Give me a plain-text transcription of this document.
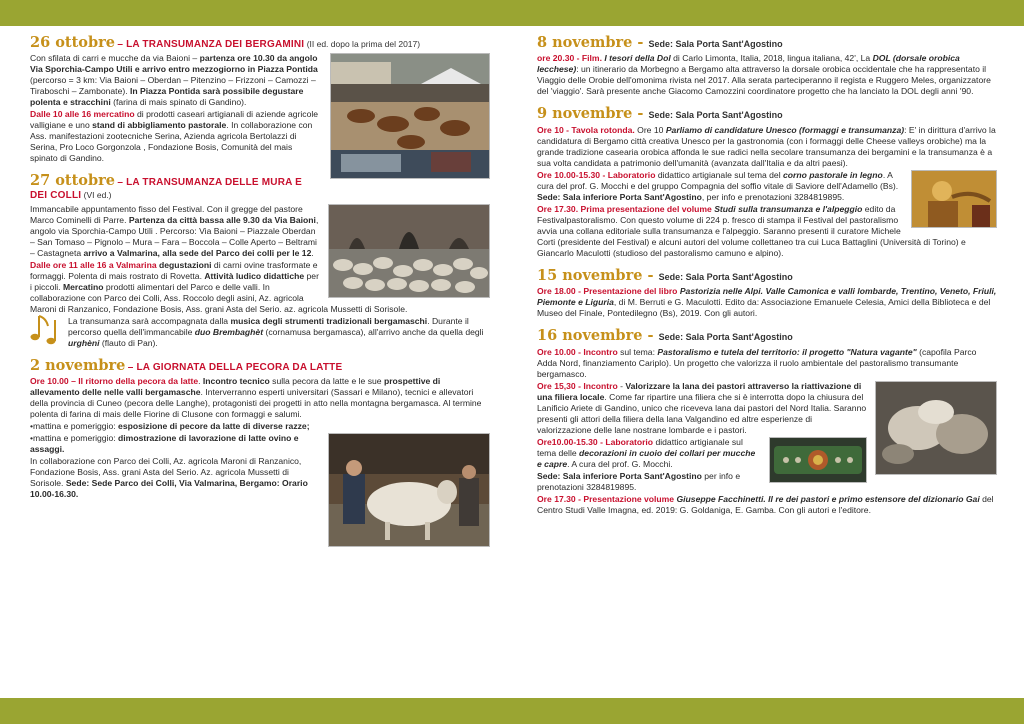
26 ottobre – LA TRANSUMANZA DEI BERGAMINI (II ed. dopo la prima del 2017)

Con sfilata di carri e mucche da via Baioni – partenza ore 10.30 da angolo Via Sporchia-Campo Utili e arrivo entro mezzogiorno in Piazza Pontida (percorso = 3 km: Via Baioni – Oberdan – Pitenzino – Frizzoni – Camozzi – Tiraboschi – Zambonate). In Piazza Pontida sarà possibile degustare polenta e stracchini (farina di mais spinato di Gandino).

Dalle 10 alle 16 mercatino di prodotti caseari artigianali di aziende agricole valligiane e uno stand di abbigliamento pastorale. In collaborazione con Ass. manifestazioni zootecniche Serina, Azienda agricola Bertolazzi di Serina, Pro Loco Gorgonzola , Fondazione Bosis, Comunità del mais spinato di Gandino.

27 ottobre – LA TRANSUMANZA DELLE MURA E DEI COLLI (VI ed.)

Immancabile appuntamento fisso del Festival. Con il gregge del pastore Marco Cominelli di Parre. Partenza da città bassa alle 9.30 da Via Baioni, angolo via Sporchia-Campo Utili . Percorso: Via Baioni – Piazzale Oberdan – San Tomaso – Pignolo – Mura – Fara – Boccola – Colle Aperto – Beltrami – Castagneta arrivo a Valmarina, alla sede del Parco dei colli per le 12.

Dalle ore 11 alle 16 a Valmarina degustazioni di carni ovine trasformate e formaggi. Polenta di mais rostrato di Rovetta. Attività ludico didattiche per i piccoli. Mercatino prodotti alimentari del Parco e delle valli. In collaborazione con Parco dei Colli, Ass. Roccolo degli asini, Az. agricola Maroni di Ranzanico, Fondazione Bosis, Ass. grani Asta del Serio. az. agricola Mussetti di Sorisole.

La transumanza sarà accompagnata dalla musica degli strumenti tradizionali bergamaschi. Durante il percorso quella dell'immancabile duo Brembaghèt (cornamusa bergamasca), all'arrivo anche da quella degli urghèni (flauto di Pan).

2 novembre – LA GIORNATA DELLA PECORA DA LATTE

Ore 10.00 – Il ritorno della pecora da latte. Incontro tecnico sulla pecora da latte e le sue prospettive di allevamento delle nelle valli bergamasche. Interverranno esperti universitari (Sassari e Milano), tecnici e allevatori della provincia di Cuneo (pecora delle Langhe), protagonisti dei progetti in atto nella montagna bergamasca. Al termine polenta di farina di mais delle Fiorine di Clusone con formaggi e salumi.

•mattina e pomeriggio: esposizione di pecore da latte di diverse razze;

•mattina e pomeriggio: dimostrazione di lavorazione di latte ovino e assaggi.

In collaborazione con Parco dei Colli, Az. agricola Maroni di Ranzanico, Fondazione Bosis, Ass. grani Asta del Serio. Az. agricola Mussetti di Sorisole. Sede: Sede Parco dei Colli, Via Valmarina, Bergamo: Orario 10.00-16.30.

8 novembre - Sede: Sala Porta Sant'Agostino

ore 20.30 - Film. I tesori della Dol di Carlo Limonta, Italia, 2018, lingua italiana, 42', La DOL (dorsale orobica lecchese): un itinerario da Morbegno a Bergamo alta attraverso la dorsale orobica occidentale che ha rappresentato il Viaggio delle Orobie dell'omonima rivista nel 2017. Alla serata parteciperanno il regista e Ruggero Meles, organizzatore del 'viaggio'. Sarà presente anche Giacomo Camozzini coordinatore progetto che ha lanciato la DOL degli anni '90.

9 novembre - Sede: Sala Porta Sant'Agostino

Ore 10 - Tavola rotonda. Ore 10 Parliamo di candidature Unesco (formaggi e transumanza): E' in dirittura d'arrivo la candidatura di Bergamo città creativa Unesco per la gastronomia (con i formaggi delle Cheese valleys orobiche) ma la grande tradizione casearia orobica affonda le sue radici nella secolare transumanza dei bergamini e la transumanza è a sua volta candidata a patrimonio dell'umanità (avanzata dall'Italia e da altri paesi).

Ore 10.00-15.30 - Laboratorio didattico artigianale sul tema del corno pastorale in legno. A cura del prof. G. Mocchi e del gruppo Compagnia del soffio vitale di Saviore dell'Adamello (Bs). Sede: Sala inferiore Porta Sant'Agostino, per info e prenotazioni 3284819895.

Ore 17.30. Prima presentazione del volume Studi sulla transumanza e l'alpeggio edito da Festivalpastoralismo. Con questo volume di 224 p. fresco di stampa il Festival del pastoralismo avvia una collana editoriale sulla transumanza e l'alpeggio. Saranno presenti il curatore Michele Corti (presidente del Festival) e alcuni autori del volume collettaneo tra cui Luca Battaglini (Università di Torino) e Giancarlo Maculotti (studioso del pastoralismo camuno e alpino).

15 novembre - Sede: Sala Porta Sant'Agostino

Ore 18.00 - Presentazione del libro Pastorizia nelle Alpi. Valle Camonica e valli lombarde, Trentino, Veneto, Friuli, Piemonte e Liguria, di M. Berruti e G. Maculotti. Edito da: Associazione Emanuele Celesia, Amici della Biblioteca e del Museo del Finale, Pontedilegno (Bs), 2019. Con gli autori.

16 novembre - Sede: Sala Porta Sant'Agostino

Ore 10.00 - Incontro sul tema: Pastoralismo e tutela del territorio: il progetto "Natura vagante" (capofila Parco Adda Nord, finanziamento Cariplo). Un progetto che valorizza il ruolo ambientale del pastoralismo transumante bergamasco.

Ore 15,30 - Incontro - Valorizzare la lana dei pastori attraverso la riattivazione di una filiera locale. Come far ripartire una filiera che si è interrotta dopo la chiusura del Lanificio Ariete di Gandino, unico che riceveva lana dai pastori del Nord Italia. Saranno presenti gli attori della filiera della lana Valgandino ed altre esperienze di valorizzazione delle lane nostrane lombarde e i pastori.

Ore10.00-15.30 - Laboratorio didattico artigianale sul tema delle decorazioni in cuoio dei collari per mucche e capre. A cura del prof. G. Mocchi.

Sede: Sala inferiore Porta Sant'Agostino per info e prenotazioni 3284819895.

Ore 17.30 - Presentazione volume Giuseppe Facchinetti. Il re dei pastori e primo estensore del dizionario Gai del Centro Studi Valle Imagna, ed. 2019: G. Goldaniga, E. Gamba. Con gli autori e l'editore.
